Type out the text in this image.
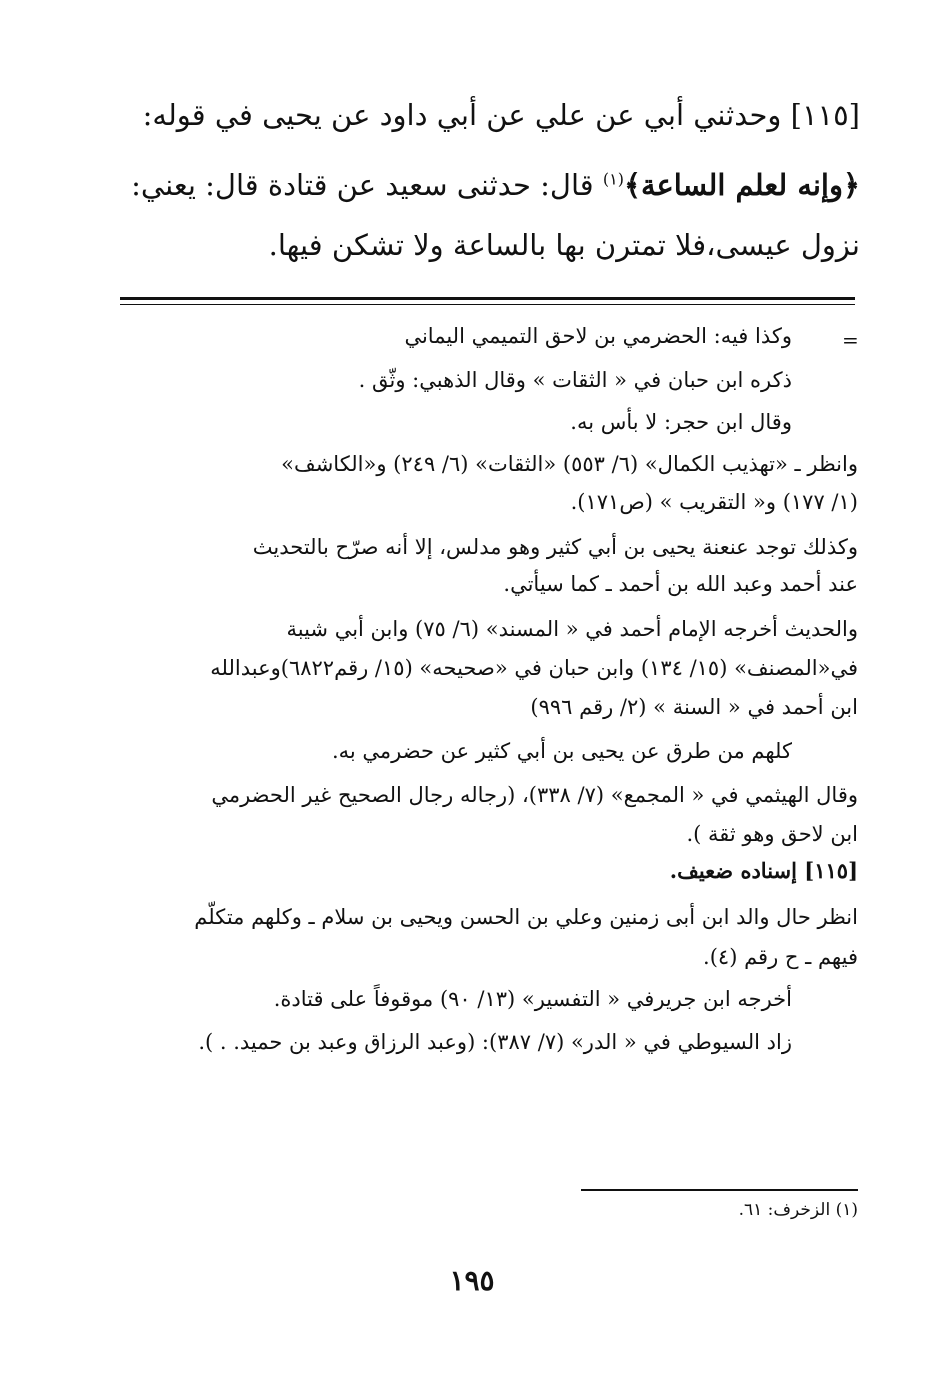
[١١٥] وحدثني أبي عن علي عن أبي داود عن يحيى في قوله:
﴿وإنه لعلم الساعة﴾$^{(١)}$ قال: حدثنى سعيد عن قتادة قال: يعني:
نزول عيسى،فلا تمترن بها بالساعة ولا تشكن فيها.
=
وكذا فيه: الحضرمي بن لاحق التميمي اليماني
ذكره ابن حبان في « الثقات » وقال الذهبي: وثّق .
وقال ابن حجر: لا بأس به.
وانظر ـ «تهذيب الكمال» (٦/ ٥٥٣) «الثقات» (٦/ ٢٤٩) و«الكاشف»
(١/ ١٧٧) و« التقريب » (ص١٧١).
وكذلك توجد عنعنة يحيى بن أبي كثير وهو مدلس، إلا أنه صرّح بالتحديث
عند أحمد وعبد الله بن أحمد ـ كما سيأتي.
والحديث أخرجه الإمام أحمد في « المسند» (٦/ ٧٥) وابن أبي شيبة
في«المصنف» (١٥/ ١٣٤) وابن حبان في «صحيحه» (١٥/ رقم٦٨٢٢)وعبدالله
ابن أحمد في « السنة » (٢/ رقم ٩٩٦)
كلهم من طرق عن يحيى بن أبي كثير عن حضرمي به.
وقال الهيثمي في « المجمع» (٧/ ٣٣٨)، (رجاله رجال الصحيح غير الحضرمي
ابن لاحق وهو ثقة ).
[١١٥] إسناده ضعيف.
انظر حال والد ابن أبى زمنين وعلي بن الحسن ويحيى بن سلام ـ وكلهم متكلّم
فيهم ـ ح رقم (٤).
أخرجه ابن جريرفي « التفسير» (١٣/ ٩٠) موقوفاً على قتادة.
زاد السيوطي في « الدر» (٧/ ٣٨٧): (وعبد الرزاق وعبد بن حميد. . ).
(١) الزخرف: ٦١.
١٩٥
